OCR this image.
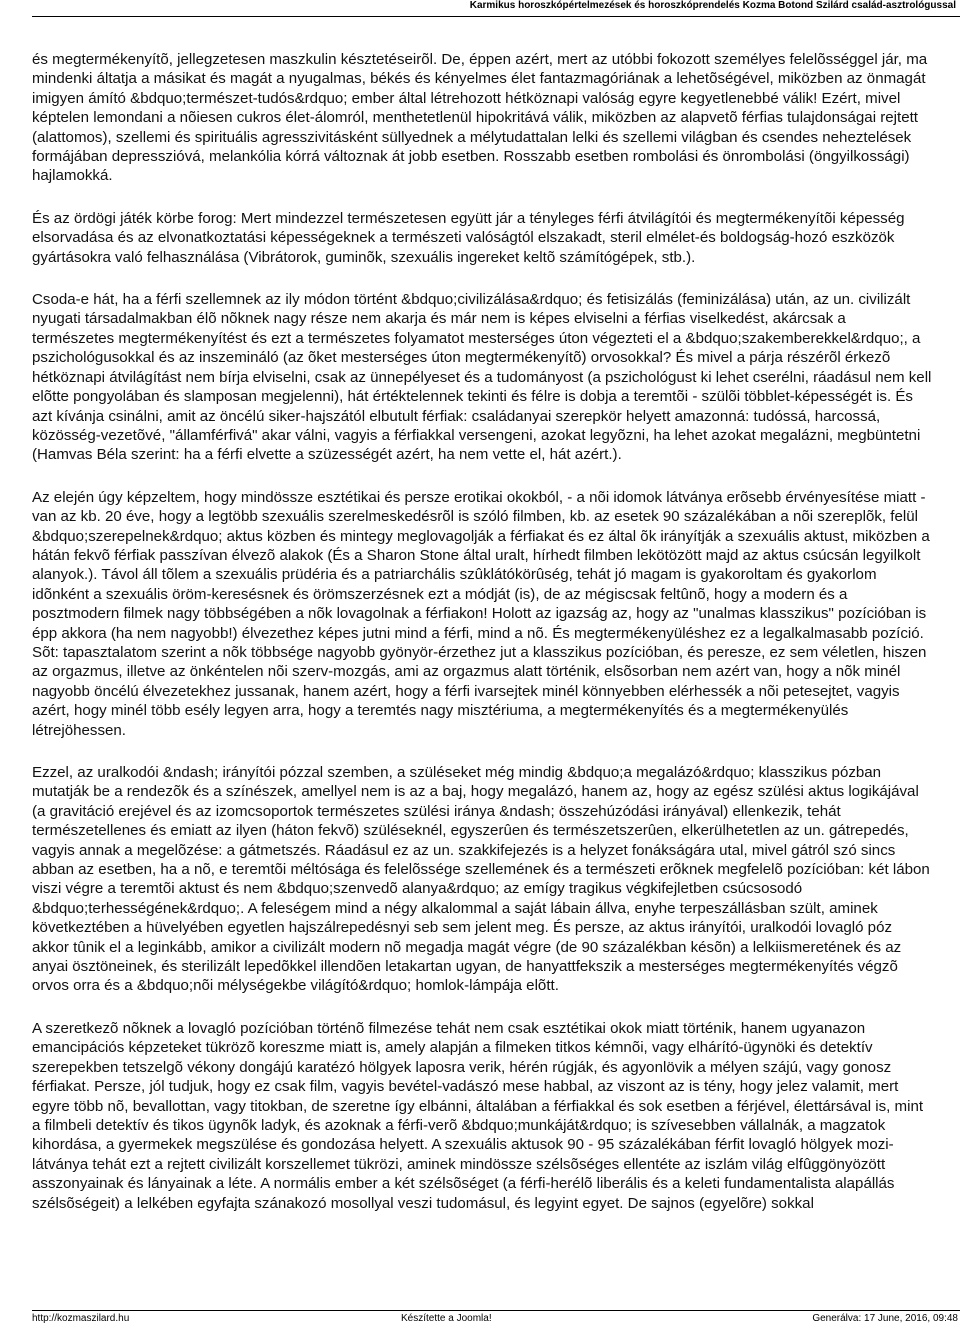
Karmikus horoszkópértelmezések és horoszkóprendelés Kozma Botond Szilárd család-asztrológussal

és megtermékenyítõ, jellegzetesen maszkulin késztetéseirõl. De, éppen azért, mert az utóbbi fokozott személyes felelõsséggel jár, ma mindenki áltatja a másikat és magát a nyugalmas, békés és kényelmes élet fantazmagóriának a lehetõségével, miközben az önmagát imigyen ámító &bdquo;természet-tudós&rdquo; ember által létrehozott hétköznapi valóság egyre kegyetlenebbé válik! Ezért, mivel képtelen lemondani a nõiesen cukros élet-álomról, menthetetlenül hipokritává válik, miközben az alapvetõ férfias tulajdonságai rejtett (alattomos), szellemi és spirituális agresszivitásként süllyednek a mélytudattalan lelki és szellemi világban és csendes neheztelések formájában depresszióvá, melankólia kórrá változnak át jobb esetben. Rosszabb esetben rombolási és önrombolási (öngyilkossági) hajlamokká.

És az ördögi játék körbe forog: Mert mindezzel természetesen együtt jár a tényleges férfi átvilágítói és megtermékenyítõi képesség elsorvadása és az elvonatkoztatási képességeknek a természeti valóságtól elszakadt, steril elmélet-és boldogság-hozó eszközök gyártásokra való felhasználása (Vibrátorok, guminõk, szexuális ingereket keltõ számítógépek, stb.).

Csoda-e hát, ha a férfi szellemnek az ily módon történt &bdquo;civilizálása&rdquo; és fetisizálás (feminizálása) után, az un. civilizált nyugati társadalmakban élõ nõknek nagy része nem akarja és már nem is képes elviselni a férfias viselkedést, akárcsak a természetes megtermékenyítést és ezt a természetes folyamatot mesterséges úton végezteti el a &bdquo;szakemberekkel&rdquo;, a pszichológusokkal és az inszemináló (az õket mesterséges úton megtermékenyítõ) orvosokkal? És mivel a párja részérõl érkezõ hétköznapi átvilágítást nem bírja elviselni, csak az ünnepélyeset és a tudományost (a pszichológust ki lehet cserélni, ráadásul nem kell elõtte pongyolában és slamposan megjelenni), hát értéktelennek tekinti és félre is dobja a teremtõi - szülõi többlet-képességét is. És azt kívánja csinálni, amit az öncélú siker-hajszától elbutult férfiak: családanyai szerepkör helyett amazonná: tudóssá, harcossá, közösség-vezetõvé, "államférfivá" akar válni, vagyis a férfiakkal versengeni, azokat legyõzni, ha lehet azokat megalázni, megbüntetni (Hamvas Béla szerint: ha a férfi elvette a szüzességét azért, ha nem vette el, hát azért.).

Az elején úgy képzeltem, hogy mindössze esztétikai és persze erotikai okokból, - a nõi idomok látványa erõsebb érvényesítése miatt - van az kb. 20 éve, hogy a legtöbb szexuális szerelmeskedésrõl is szóló filmben, kb. az esetek 90 százalékában a nõi szereplõk, felül &bdquo;szerepelnek&rdquo; aktus közben és mintegy meglovagolják a férfiakat és ez által õk irányítják a szexuális aktust, miközben a hátán fekvõ férfiak passzívan élvezõ alakok (És a Sharon Stone által uralt, hírhedt filmben lekötözött majd az aktus csúcsán legyilkolt alanyok.). Távol áll tõlem a szexuális prüdéria és a patriarchális szûklátókörûség, tehát jó magam is gyakoroltam és gyakorlom idõnként a szexuális öröm-keresésnek és örömszerzésnek ezt a módját (is), de az mégiscsak feltûnõ, hogy a modern és a posztmodern filmek nagy többségében a nõk lovagolnak a férfiakon! Holott az igazság az, hogy az "unalmas klasszikus" pozícióban is épp akkora (ha nem nagyobb!) élvezethez képes jutni mind a férfi, mind a nõ. És megtermékenyüléshez ez a legalkalmasabb pozíció. Sõt: tapasztalatom szerint a nõk többsége nagyobb gyönyör-érzethez jut a klasszikus pozícióban, és peresze, ez sem véletlen, hiszen az orgazmus, illetve az önkéntelen nõi szerv-mozgás, ami az orgazmus alatt történik, elsõsorban nem azért van, hogy a nõk minél nagyobb öncélú élvezetekhez jussanak, hanem azért, hogy a férfi ivarsejtek minél könnyebben elérhessék a nõi petesejtet, vagyis azért, hogy minél több esély legyen arra, hogy a teremtés nagy misztériuma, a megtermékenyítés és a megtermékenyülés létrejöhessen.

Ezzel, az uralkodói &ndash; irányítói pózzal szemben, a szüléseket még mindig &bdquo;a megalázó&rdquo; klasszikus pózban mutatják be a rendezõk és a színészek, amellyel nem is az a baj, hogy megalázó, hanem az, hogy az egész szülési aktus logikájával (a gravitáció erejével és az izomcsoportok természetes szülési iránya &ndash; összehúzódási irányával) ellenkezik, tehát természetellenes és emiatt az ilyen (háton fekvõ) szüléseknél, egyszerûen és természetszerûen, elkerülhetetlen az un. gátrepedés, vagyis annak a megelõzése: a gátmetszés. Ráadásul ez az un. szakkifejezés is a helyzet fonákságára utal, mivel gátról szó sincs abban az esetben, ha a nõ, e teremtõi méltósága és felelõssége szellemének és a természeti erõknek megfelelõ pozícióban: két lábon viszi végre a teremtõi aktust és nem &bdquo;szenvedõ alanya&rdquo; az emígy tragikus végkifejletben csúcsosodó &bdquo;terhességének&rdquo;. A feleségem mind a négy alkalommal a saját lábain állva, enyhe terpeszállásban szült, aminek következtében a hüvelyében egyetlen hajszálrepedésnyi seb sem jelent meg. És persze, az aktus irányítói, uralkodói lovagló póz akkor tûnik el a leginkább, amikor a civilizált modern nõ megadja magát végre (de 90 százalékban késõn) a lelkiismeretének és az anyai ösztöneinek, és sterilizált lepedõkkel illendõen letakartan ugyan, de hanyattfekszik a mesterséges megtermékenyítés végzõ orvos orra és a &bdquo;nõi mélységekbe világító&rdquo; homlok-lámpája elõtt.

A szeretkezõ nõknek a lovagló pozícióban történõ filmezése tehát nem csak esztétikai okok miatt történik, hanem ugyanazon emancipációs képzeteket tükrözõ koreszme miatt is, amely alapján a filmeken titkos kémnõi, vagy elhárító-ügynöki és detektív szerepekben tetszelgõ vékony dongájú karatézó hölgyek laposra verik, hérén rúgják, és agyonlövik a mélyen szájú, vagy gonosz férfiakat. Persze, jól tudjuk, hogy ez csak film, vagyis bevétel-vadászó mese habbal, az viszont az is tény, hogy jelez valamit, mert egyre több nõ, bevallottan, vagy titokban, de szeretne így elbánni, általában a férfiakkal és sok esetben a férjével, élettársával is, mint a filmbeli detektív és tikos ügynõk ladyk, és azoknak a férfi-verõ &bdquo;munkáját&rdquo; is szívesebben vállalnák, a magzatok kihordása, a gyermekek megszülése és gondozása helyett. A szexuális aktusok 90 - 95 százalékában férfit lovagló hölgyek mozi-látványa tehát ezt a rejtett civilizált korszellemet tükrözi, aminek mindössze szélsõséges ellentéte az iszlám világ elfûggönyözött asszonyainak és lányainak a léte. A normális ember a két szélsõséget (a férfi-herélõ liberális és a keleti fundamentalista alapállás szélsõségeit) a lelkében egyfajta szánakozó mosollyal veszi tudomásul, és legyint egyet. De sajnos (egyelõre) sokkal

http://kozmaszilard.hu	Készítette a Joomla!	Generálva: 17 June, 2016, 09:48
